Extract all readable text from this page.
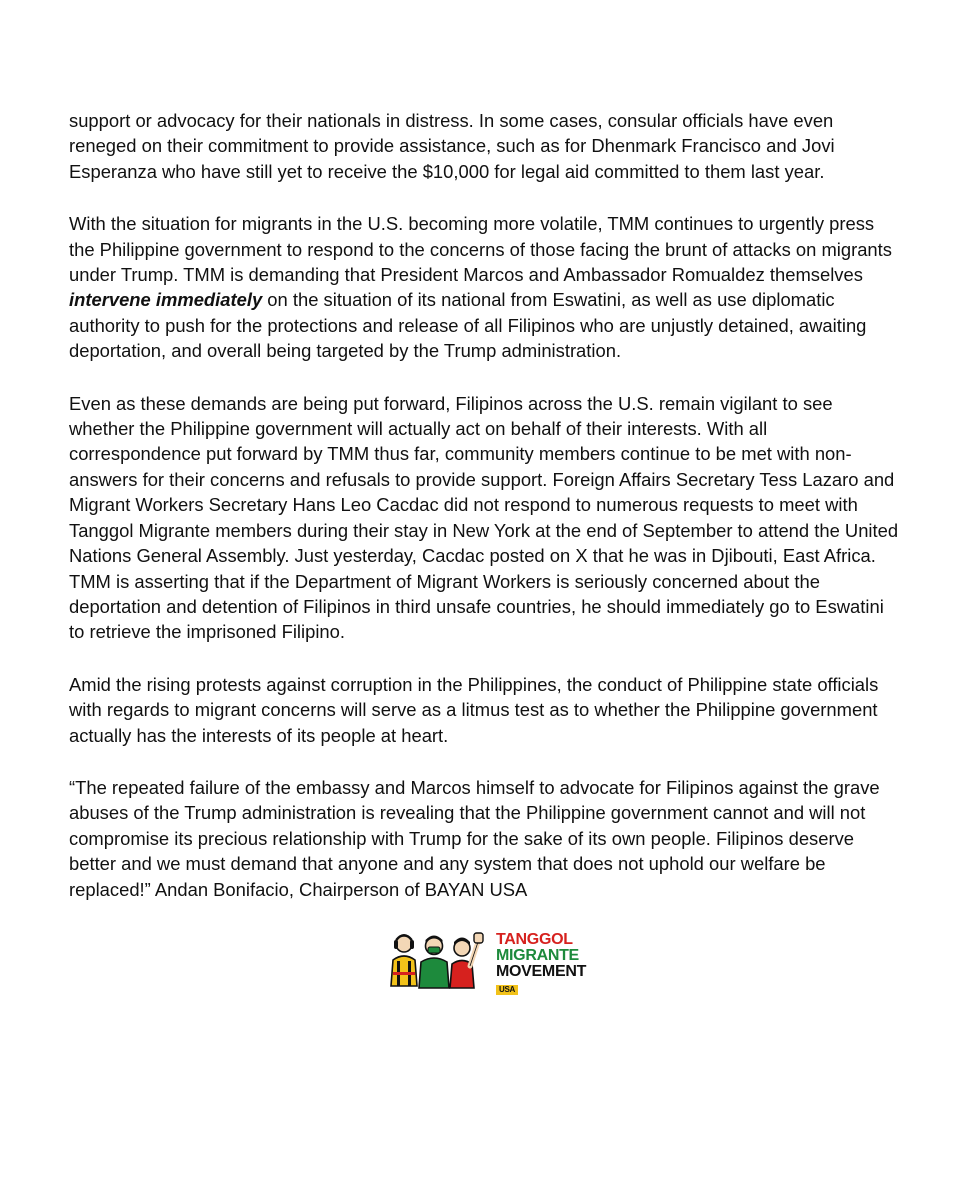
support or advocacy for their nationals in distress. In some cases, consular officials have even reneged on their commitment to provide assistance, such as for Dhenmark Francisco and Jovi Esperanza who have still yet to receive the $10,000 for legal aid committed to them last year.

With the situation for migrants in the U.S. becoming more volatile, TMM continues to urgently press the Philippine government to respond to the concerns of those facing the brunt of attacks on migrants under Trump. TMM is demanding that President Marcos and Ambassador Romualdez themselves intervene immediately on the situation of its national from Eswatini, as well as use diplomatic authority to push for the protections and release of all Filipinos who are unjustly detained, awaiting deportation, and overall being targeted by the Trump administration.

Even as these demands are being put forward, Filipinos across the U.S. remain vigilant to see whether the Philippine government will actually act on behalf of their interests. With all correspondence put forward by TMM thus far, community members continue to be met with non-answers for their concerns and refusals to provide support. Foreign Affairs Secretary Tess Lazaro and Migrant Workers Secretary Hans Leo Cacdac did not respond to numerous requests to meet with Tanggol Migrante members during their stay in New York at the end of September to attend the United Nations General Assembly. Just yesterday, Cacdac posted on X that he was in Djibouti, East Africa. TMM is asserting that if the Department of Migrant Workers is seriously concerned about the deportation and detention of Filipinos in third unsafe countries, he should immediately go to Eswatini to retrieve the imprisoned Filipino.

Amid the rising protests against corruption in the Philippines, the conduct of Philippine state officials with regards to migrant concerns will serve as a litmus test as to whether the Philippine government actually has the interests of its people at heart.

“The repeated failure of the embassy and Marcos himself to advocate for Filipinos against the grave abuses of the Trump administration is revealing that the Philippine government cannot and will not compromise its precious relationship with Trump for the sake of its own people. Filipinos deserve better and we must demand that anyone and any system that does not uphold our welfare be replaced!” Andan Bonifacio, Chairperson of BAYAN USA

TANGGOL
MIGRANTE
MOVEMENT
USA
